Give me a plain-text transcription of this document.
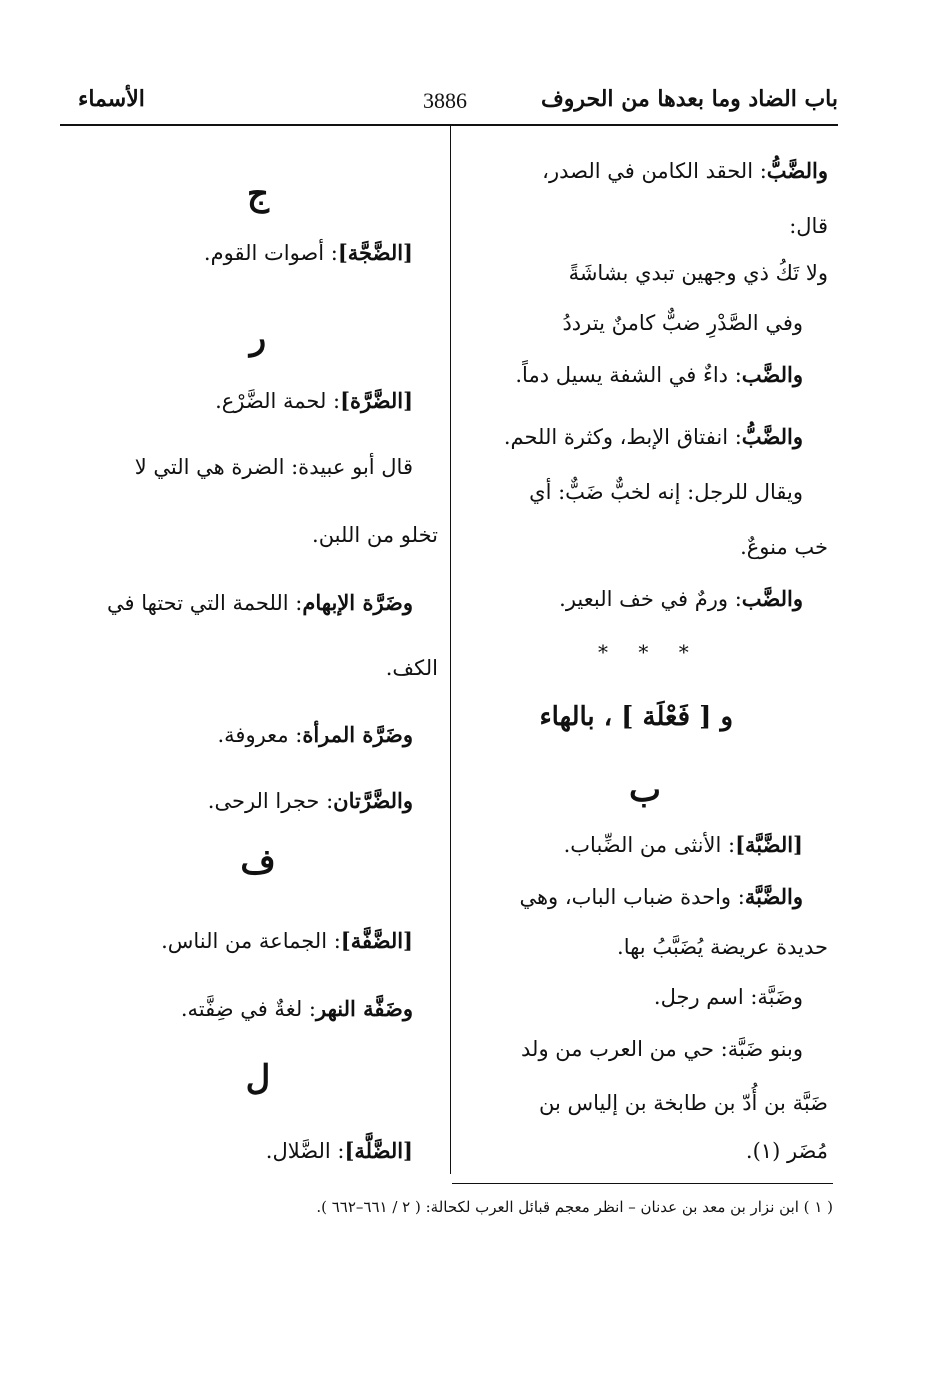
باب الضاد وما بعدها من الحروف
3886
الأسماء
والضَّبُّ: الحقد الكامن في الصدر،
قال:
ولا تَكُ ذي وجهين تبدي بشاشَةً
وفي الصَّدْرِ ضبٌّ كامنٌ يترددُ
والضَّب: داءٌ في الشفة يسيل دماً.
والضَّبُّ: انفتاق الإبط، وكثرة اللحم.
ويقال للرجل: إنه لخبٌّ ضَبٌّ: أي
خب منوعٌ.
والضَّب: ورمٌ في خف البعير.
* * *
و [ فَعْلَة ] ، بالهاء
ب
[الضَّبَّة]: الأنثى من الضِّباب.
والضَّبَّة: واحدة ضباب الباب، وهي
حديدة عريضة يُضَبَّبُ بها.
وضَبَّة: اسم رجل.
وبنو ضَبَّة: حي من العرب من ولد
ضَبَّة بن أُدّ بن طابخة بن إلياس بن
مُضَر (١).
ج
[الضَّجَّة]: أصوات القوم.
ر
[الضَّرَّة]: لحمة الضَّرْع.
قال أبو عبيدة: الضرة هي التي لا
تخلو من اللبن.
وضَرَّة الإبهام: اللحمة التي تحتها في
الكف.
وضَرَّة المرأة: معروفة.
والضَّرَّتان: حجرا الرحى.
ف
[الضَّفَّة]: الجماعة من الناس.
وضَفَّة النهر: لغةٌ في ضِفَّته.
ل
[الضَّلَّة]: الضَّلال.
( ١ ) ابن نزار بن معد بن عدنان – انظر معجم قبائل العرب لكحالة: ( ٢ / ٦٦١–٦٦٢ ).
